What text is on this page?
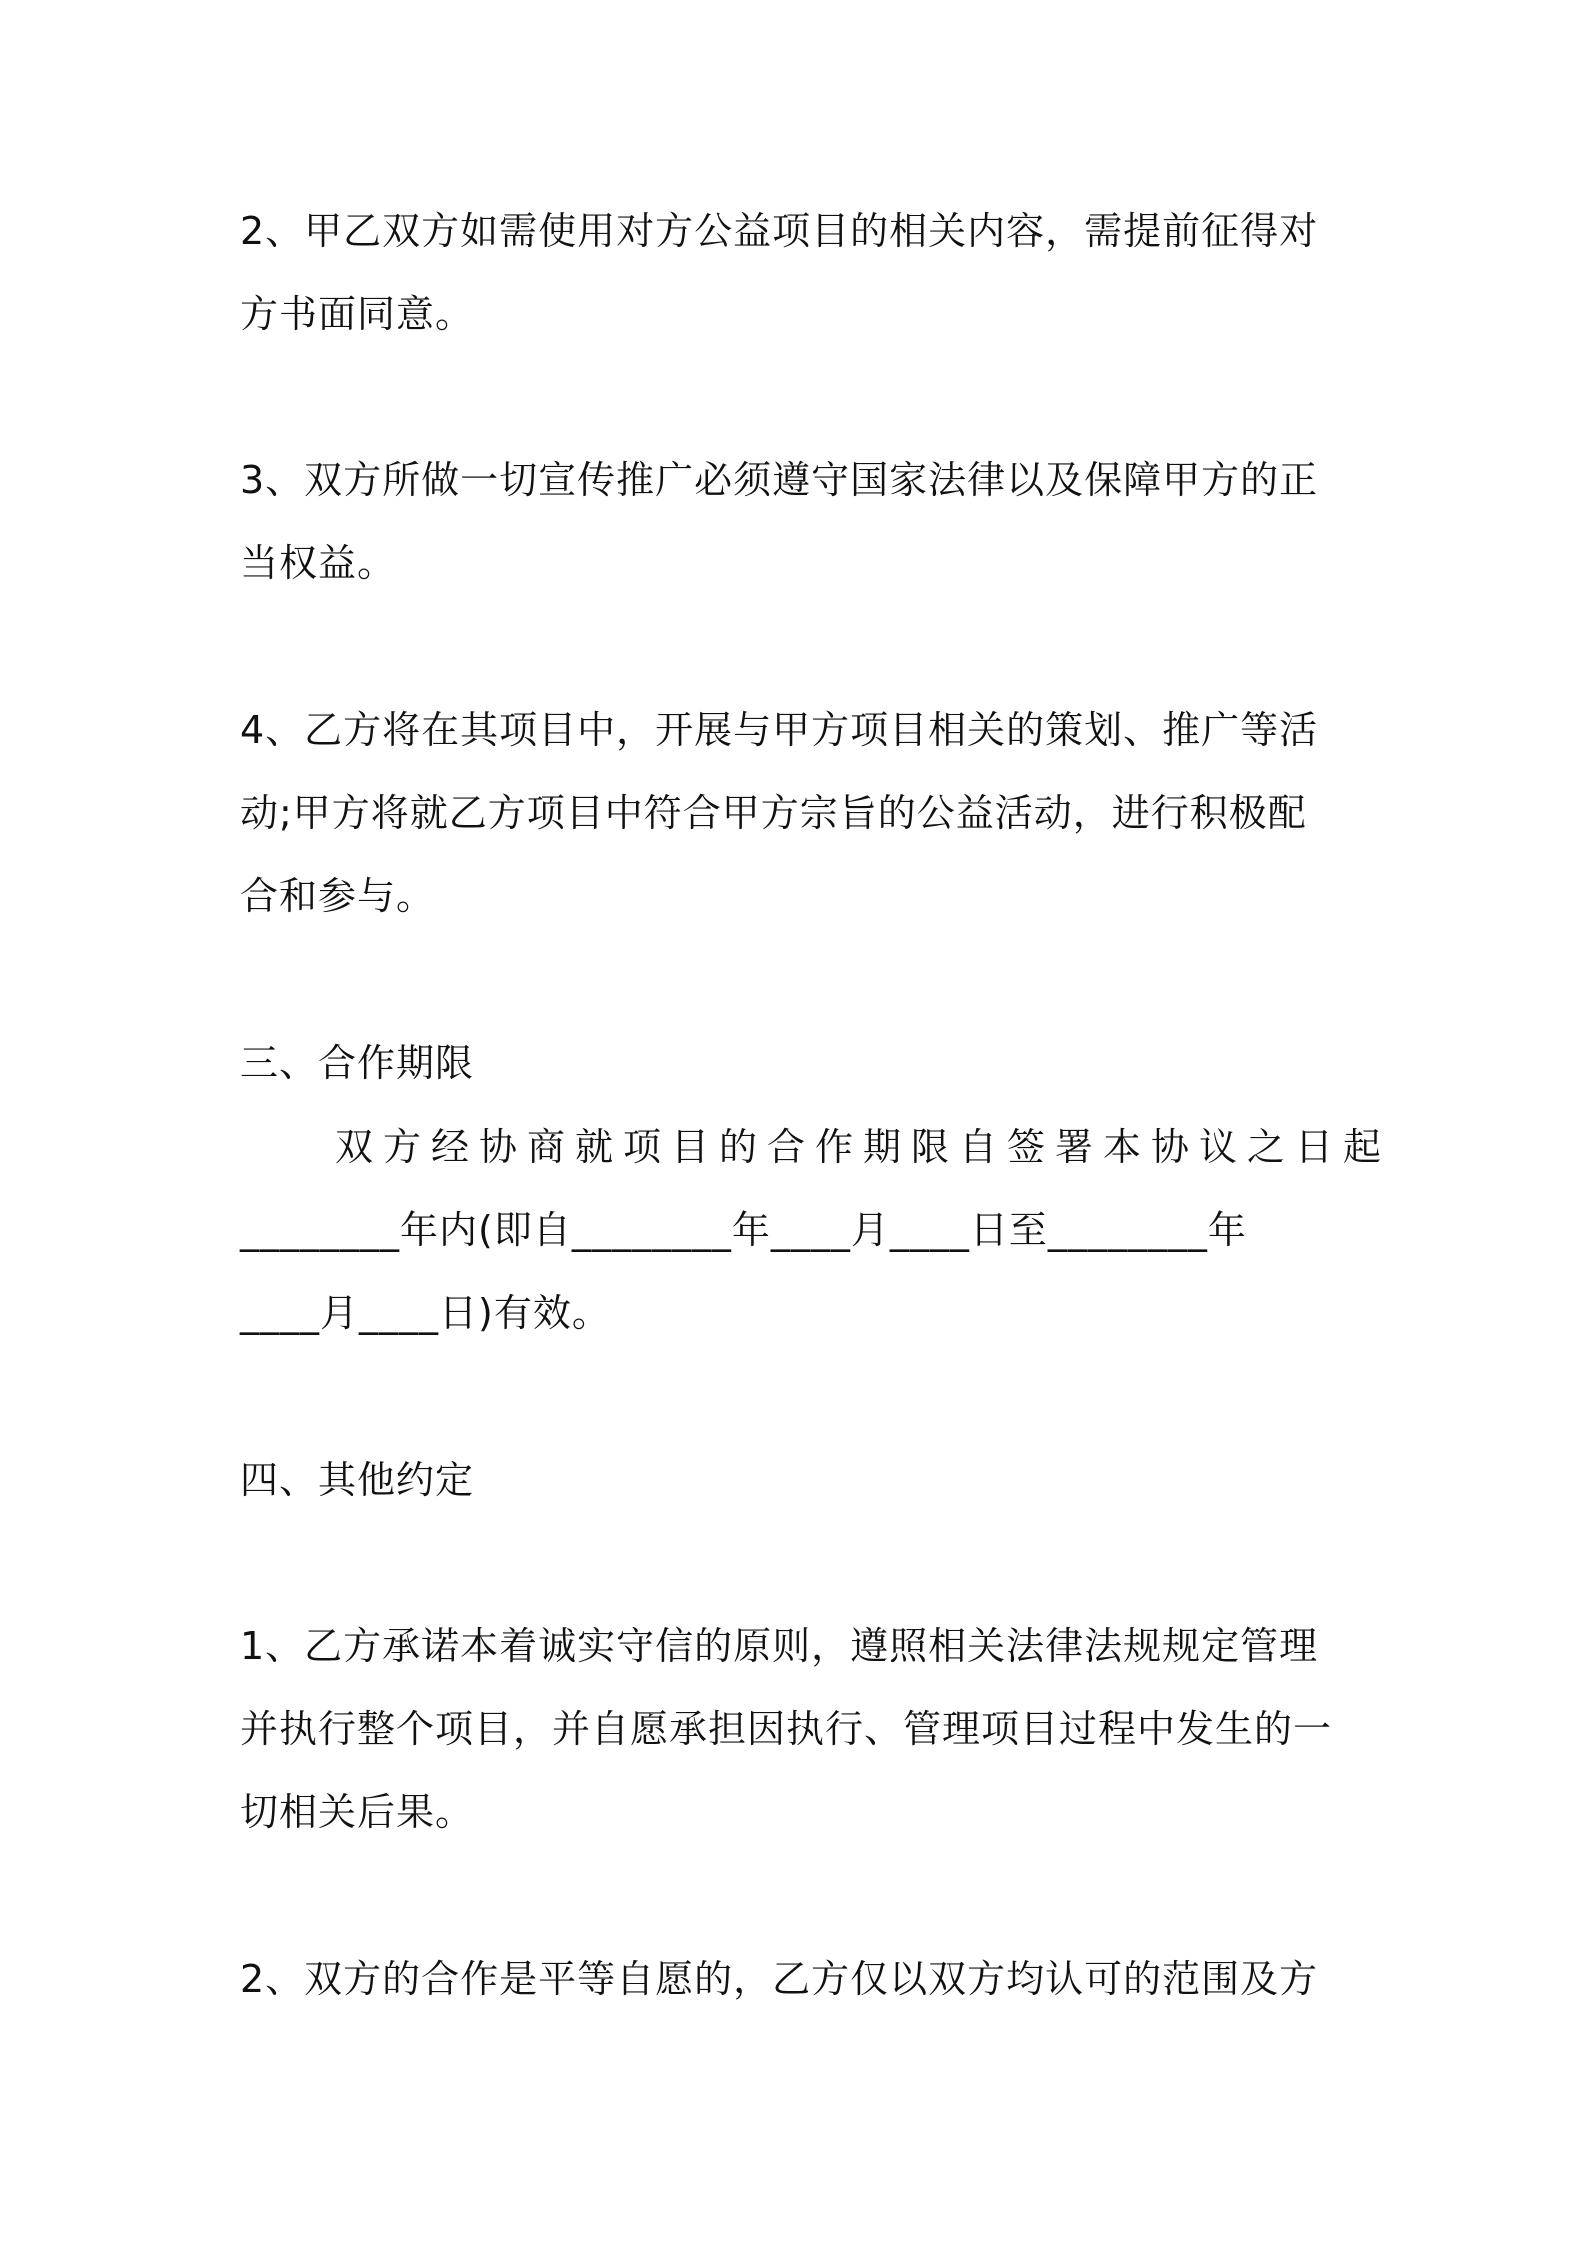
2、甲乙双方如需使用对方公益项目的相关内容，需提前征得对
方书面同意。
3、双方所做一切宣传推广必须遵守国家法律以及保障甲方的正
当权益。
4、乙方将在其项目中，开展与甲方项目相关的策划、推广等活
动;甲方将就乙方项目中符合甲方宗旨的公益活动，进行积极配
合和参与。
三、合作期限
双方经协商就项目的合作期限自签署本协议之日起
________年内(即自________年____月____日至________年
____月____日)有效。
四、其他约定
1、乙方承诺本着诚实守信的原则，遵照相关法律法规规定管理
并执行整个项目，并自愿承担因执行、管理项目过程中发生的一
切相关后果。
2、双方的合作是平等自愿的，乙方仅以双方均认可的范围及方
